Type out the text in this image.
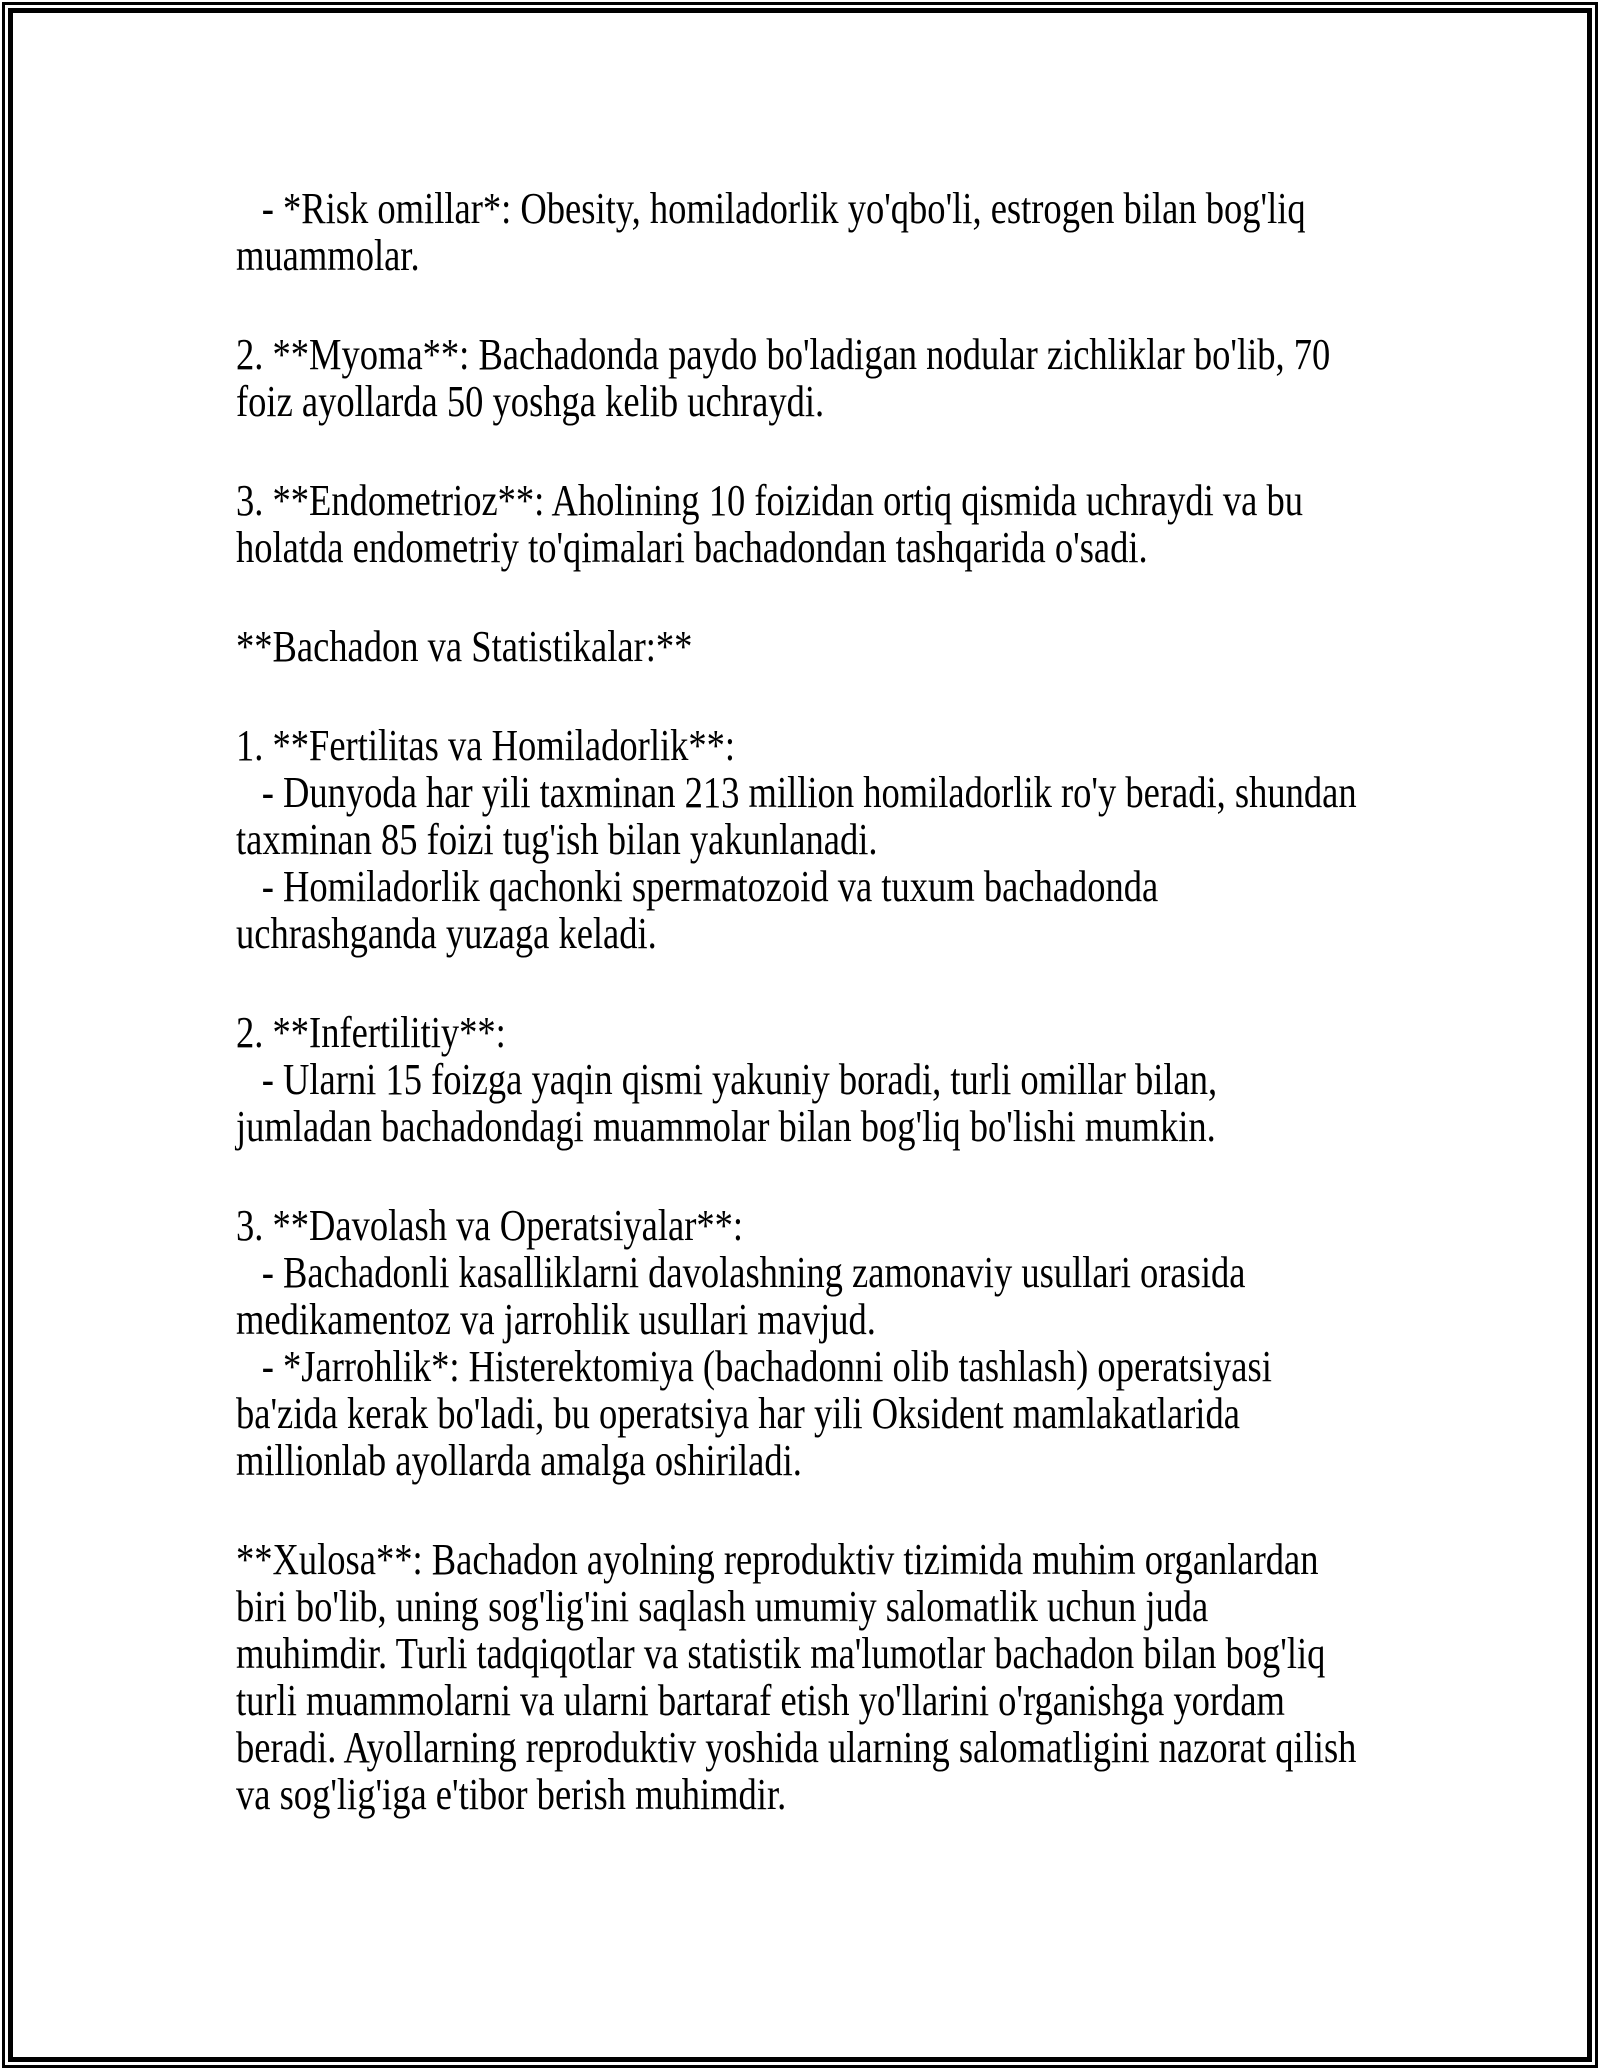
- *Risk omillar*: Obesity, homiladorlik yo'qbo'li, estrogen bilan bog'liq
muammolar.
2. **Myoma**: Bachadonda paydo bo'ladigan nodular zichliklar bo'lib, 70
foiz ayollarda 50 yoshga kelib uchraydi.
3. **Endometrioz**: Aholining 10 foizidan ortiq qismida uchraydi va bu
holatda endometriy to'qimalari bachadondan tashqarida o'sadi.
**Bachadon va Statistikalar:**
1. **Fertilitas va Homiladorlik**:
- Dunyoda har yili taxminan 213 million homiladorlik ro'y beradi, shundan
taxminan 85 foizi tug'ish bilan yakunlanadi.
- Homiladorlik qachonki spermatozoid va tuxum bachadonda
uchrashganda yuzaga keladi.
2. **Infertilitiy**:
- Ularni 15 foizga yaqin qismi yakuniy boradi, turli omillar bilan,
jumladan bachadondagi muammolar bilan bog'liq bo'lishi mumkin.
3. **Davolash va Operatsiyalar**:
- Bachadonli kasalliklarni davolashning zamonaviy usullari orasida
medikamentoz va jarrohlik usullari mavjud.
- *Jarrohlik*: Histerektomiya (bachadonni olib tashlash) operatsiyasi
ba'zida kerak bo'ladi, bu operatsiya har yili Oksident mamlakatlarida
millionlab ayollarda amalga oshiriladi.
**Xulosa**: Bachadon ayolning reproduktiv tizimida muhim organlardan
biri bo'lib, uning sog'lig'ini saqlash umumiy salomatlik uchun juda
muhimdir. Turli tadqiqotlar va statistik ma'lumotlar bachadon bilan bog'liq
turli muammolarni va ularni bartaraf etish yo'llarini o'rganishga yordam
beradi. Ayollarning reproduktiv yoshida ularning salomatligini nazorat qilish
va sog'lig'iga e'tibor berish muhimdir.
